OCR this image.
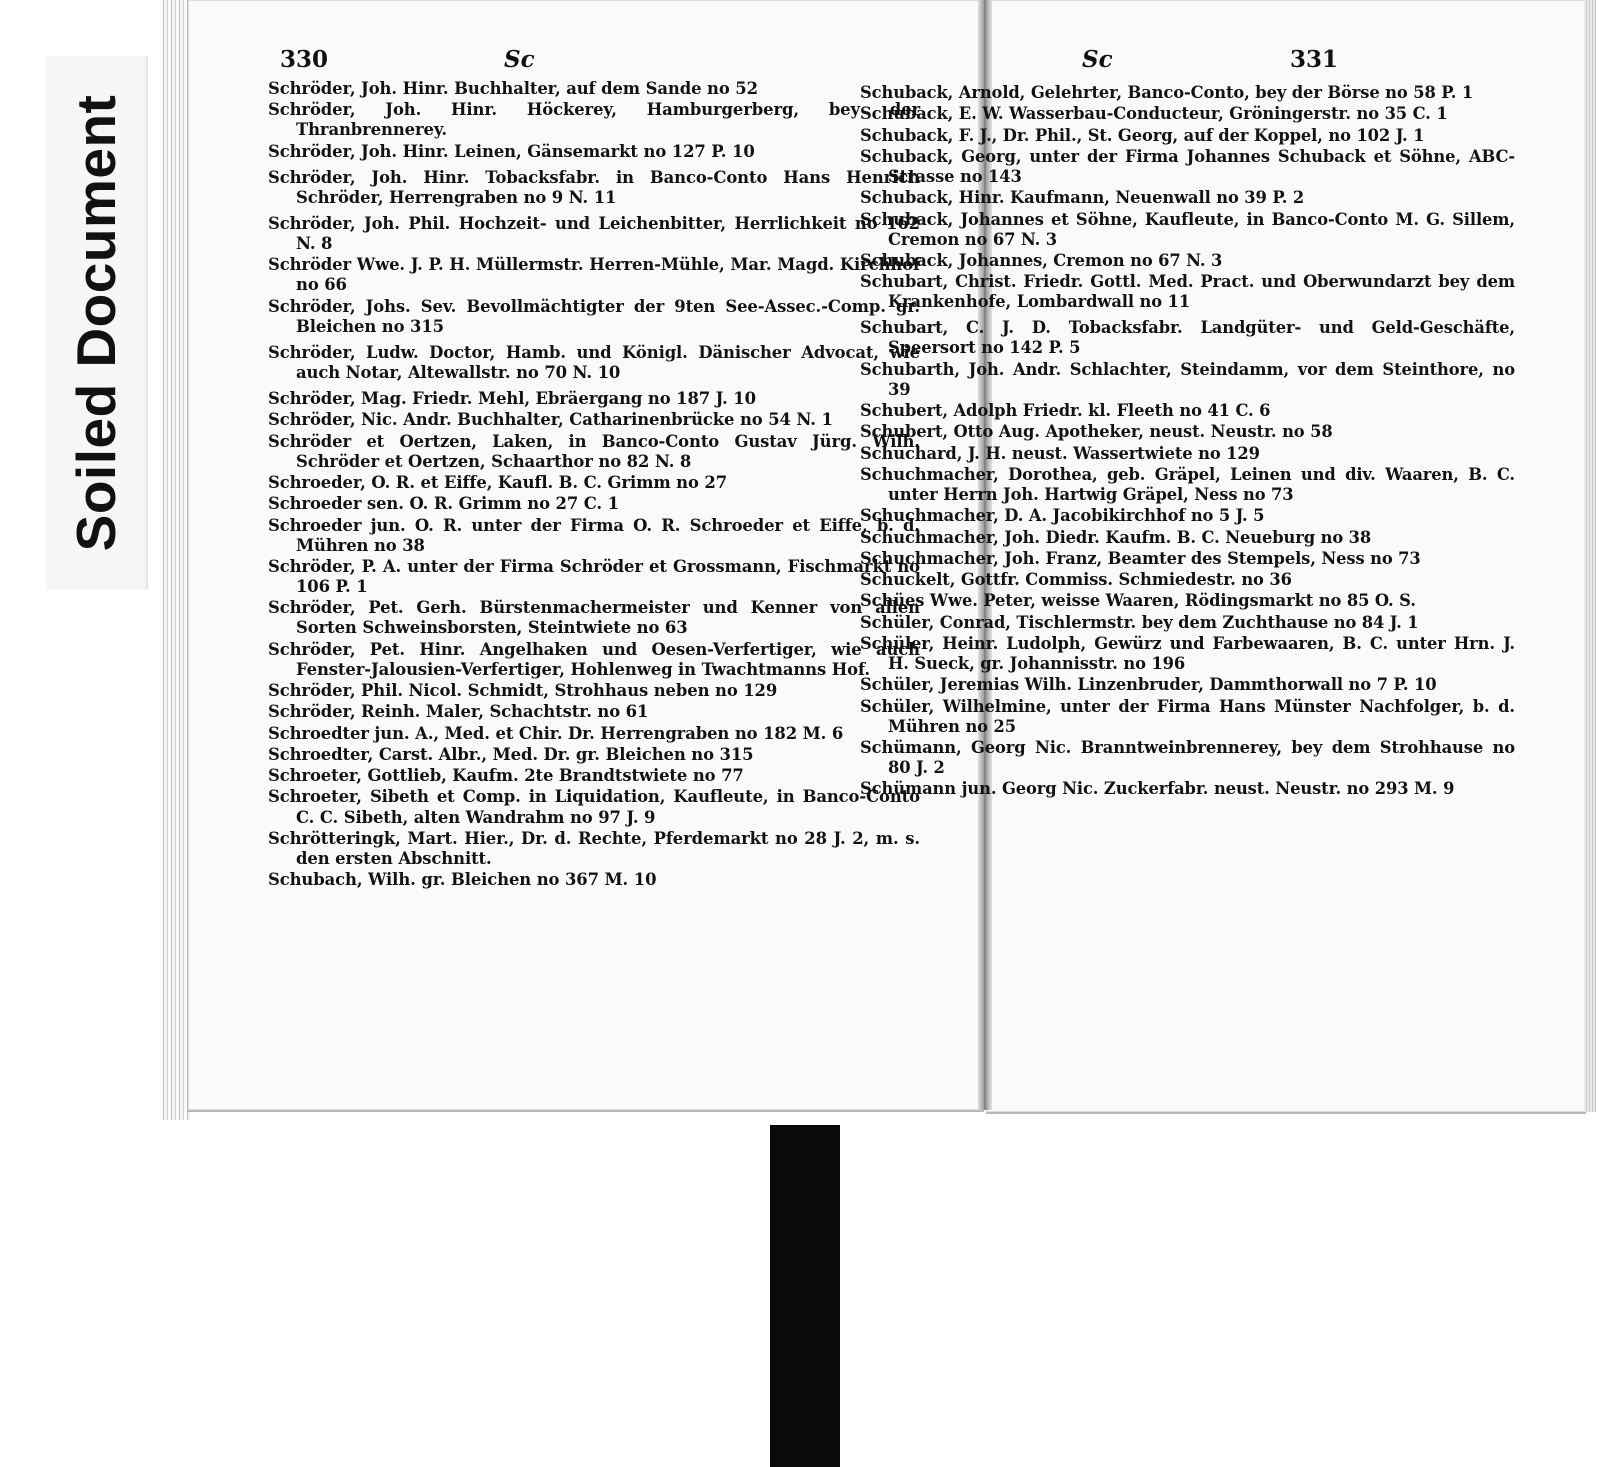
Soiled Document
330	Sc	Sc	331
Schröder, Joh. Hinr. Buchhalter, auf dem Sande no 52
Schröder, Joh. Hinr. Höckerey, Hamburgerberg, bey der Thranbrennerey.
Schröder, Joh. Hinr. Leinen, Gänsemarkt no 127 P. 10
Schröder, Joh. Hinr. Tobacksfabr. in Banco-Conto Hans Henrich Schröder, Herrengraben no 9 N. 11
Schröder, Joh. Phil. Hochzeit- und Leichenbitter, Herrlichkeit no 162 N. 8
Schröder Wwe. J. P. H. Müllermstr. Herren-Mühle, Mar. Magd. Kirchhof no 66
Schröder, Johs. Sev. Bevollmächtigter der 9ten See-Assec.-Comp. gr. Bleichen no 315
Schröder, Ludw. Doctor, Hamb. und Königl. Dänischer Advocat, wie auch Notar, Altewallstr. no 70 N. 10
Schröder, Mag. Friedr. Mehl, Ebräergang no 187 J. 10
Schröder, Nic. Andr. Buchhalter, Catharinenbrücke no 54 N. 1
Schröder et Oertzen, Laken, in Banco-Conto Gustav Jürg. Wilh. Schröder et Oertzen, Schaarthor no 82 N. 8
Schroeder, O. R. et Eiffe, Kaufl. B. C. Grimm no 27
Schroeder sen. O. R. Grimm no 27 C. 1
Schroeder jun. O. R. unter der Firma O. R. Schroeder et Eiffe, b. d. Mühren no 38
Schröder, P. A. unter der Firma Schröder et Grossmann, Fischmarkt no 106 P. 1
Schröder, Pet. Gerh. Bürstenmachermeister und Kenner von allen Sorten Schweinsborsten, Steintwiete no 63
Schröder, Pet. Hinr. Angelhaken und Oesen-Verfertiger, wie auch Fenster-Jalousien-Verfertiger, Hohlenweg in Twachtmanns Hof.
Schröder, Phil. Nicol. Schmidt, Strohhaus neben no 129
Schröder, Reinh. Maler, Schachtstr. no 61
Schroedter jun. A., Med. et Chir. Dr. Herrengraben no 182 M. 6
Schroedter, Carst. Albr., Med. Dr. gr. Bleichen no 315
Schroeter, Gottlieb, Kaufm. 2te Brandtstwiete no 77
Schroeter, Sibeth et Comp. in Liquidation, Kaufleute, in Banco-Conto C. C. Sibeth, alten Wandrahm no 97 J. 9
Schrötteringk, Mart. Hier., Dr. d. Rechte, Pferdemarkt no 28 J. 2, m. s. den ersten Abschnitt.
Schubach, Wilh. gr. Bleichen no 367 M. 10
Schuback, Arnold, Gelehrter, Banco-Conto, bey der Börse no 58 P. 1
Schuback, E. W. Wasserbau-Conducteur, Gröningerstr. no 35 C. 1
Schuback, F. J., Dr. Phil., St. Georg, auf der Koppel, no 102 J. 1
Schuback, Georg, unter der Firma Johannes Schuback et Söhne, ABC-Strasse no 143
Schuback, Hinr. Kaufmann, Neuenwall no 39 P. 2
Schuback, Johannes et Söhne, Kaufleute, in Banco-Conto M. G. Sillem, Cremon no 67 N. 3
Schuback, Johannes, Cremon no 67 N. 3
Schubart, Christ. Friedr. Gottl. Med. Pract. und Oberwundarzt bey dem Krankenhofe, Lombardwall no 11
Schubart, C. J. D. Tobacksfabr. Landgüter- und Geld-Geschäfte, Speersort no 142 P. 5
Schubarth, Joh. Andr. Schlachter, Steindamm, vor dem Steinthore, no 39
Schubert, Adolph Friedr. kl. Fleeth no 41 C. 6
Schubert, Otto Aug. Apotheker, neust. Neustr. no 58
Schuchard, J. H. neust. Wassertwiete no 129
Schuchmacher, Dorothea, geb. Gräpel, Leinen und div. Waaren, B. C. unter Herrn Joh. Hartwig Gräpel, Ness no 73
Schuchmacher, D. A. Jacobikirchhof no 5 J. 5
Schuchmacher, Joh. Diedr. Kaufm. B. C. Neueburg no 38
Schuchmacher, Joh. Franz, Beamter des Stempels, Ness no 73
Schuckelt, Gottfr. Commiss. Schmiedestr. no 36
Schües Wwe. Peter, weisse Waaren, Rödingsmarkt no 85 O. S.
Schüler, Conrad, Tischlermstr. bey dem Zuchthause no 84 J. 1
Schüler, Heinr. Ludolph, Gewürz und Farbewaaren, B. C. unter Hrn. J. H. Sueck, gr. Johannisstr. no 196
Schüler, Jeremias Wilh. Linzenbruder, Dammthorwall no 7 P. 10
Schüler, Wilhelmine, unter der Firma Hans Münster Nachfolger, b. d. Mühren no 25
Schümann, Georg Nic. Branntweinbrennerey, bey dem Strohhause no 80 J. 2
Schümann jun. Georg Nic. Zuckerfabr. neust. Neustr. no 293 M. 9
